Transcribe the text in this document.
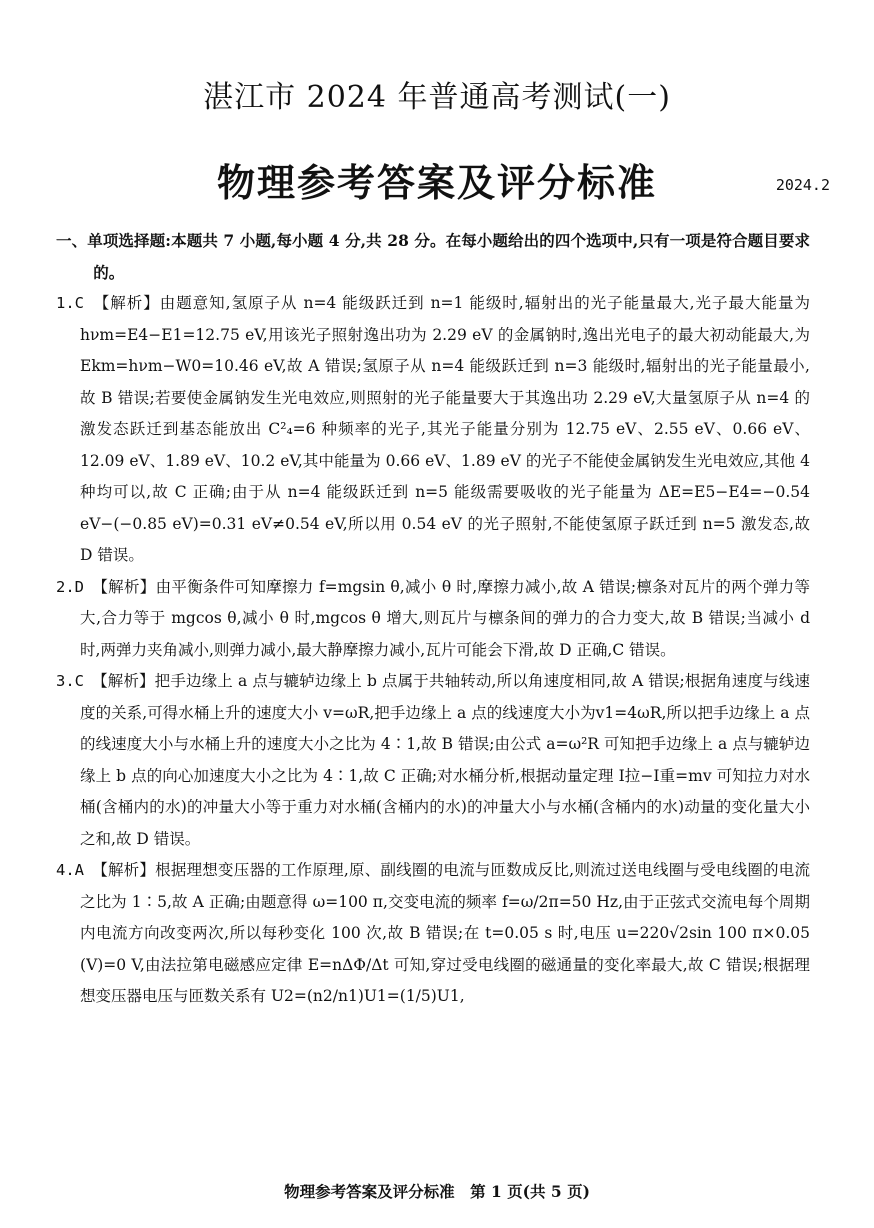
湛江市 2024 年普通高考测试(一)
物理参考答案及评分标准	2024.2

一、单项选择题:本题共 7 小题,每小题 4 分,共 28 分。在每小题给出的四个选项中,只有一项是符合题目要求的。

1.C　 【解析】由题意知,氢原子从 n=4 能级跃迁到 n=1 能级时,辐射出的光子能量最大,光子最大能量为 hνm=E4−E1=12.75 eV,用该光子照射逸出功为 2.29 eV 的金属钠时,逸出光电子的最大初动能最大,为 Ekm=hνm−W0=10.46 eV,故 A 错误;氢原子从 n=4 能级跃迁到 n=3 能级时,辐射出的光子能量最小,故 B 错误;若要使金属钠发生光电效应,则照射的光子能量要大于其逸出功 2.29 eV,大量氢原子从 n=4 的激发态跃迁到基态能放出 C²₄=6 种频率的光子,其光子能量分别为 12.75 eV、2.55 eV、0.66 eV、12.09 eV、1.89 eV、10.2 eV,其中能量为 0.66 eV、1.89 eV 的光子不能使金属钠发生光电效应,其他 4 种均可以,故 C 正确;由于从 n=4 能级跃迁到 n=5 能级需要吸收的光子能量为 ΔE=E5−E4=−0.54 eV−(−0.85 eV)=0.31 eV≠0.54 eV,所以用 0.54 eV 的光子照射,不能使氢原子跃迁到 n=5 激发态,故 D 错误。

2.D　 【解析】由平衡条件可知摩擦力 f=mgsin θ,减小 θ 时,摩擦力减小,故 A 错误;檩条对瓦片的两个弹力等大,合力等于 mgcos θ,减小 θ 时,mgcos θ 增大,则瓦片与檩条间的弹力的合力变大,故 B 错误;当减小 d 时,两弹力夹角减小,则弹力减小,最大静摩擦力减小,瓦片可能会下滑,故 D 正确,C 错误。

3.C　 【解析】把手边缘上 a 点与辘轳边缘上 b 点属于共轴转动,所以角速度相同,故 A 错误;根据角速度与线速度的关系,可得水桶上升的速度大小 v=ωR,把手边缘上 a 点的线速度大小为v1=4ωR,所以把手边缘上 a 点的线速度大小与水桶上升的速度大小之比为 4∶1,故 B 错误;由公式 a=ω²R 可知把手边缘上 a 点与辘轳边缘上 b 点的向心加速度大小之比为 4∶1,故 C 正确;对水桶分析,根据动量定理 I拉−I重=mv 可知拉力对水桶(含桶内的水)的冲量大小等于重力对水桶(含桶内的水)的冲量大小与水桶(含桶内的水)动量的变化量大小之和,故 D 错误。

4.A　 【解析】根据理想变压器的工作原理,原、副线圈的电流与匝数成反比,则流过送电线圈与受电线圈的电流之比为 1∶5,故 A 正确;由题意得 ω=100 π,交变电流的频率 f=ω/2π=50 Hz,由于正弦式交流电每个周期内电流方向改变两次,所以每秒变化 100 次,故 B 错误;在 t=0.05 s 时,电压 u=220√2sin 100 π×0.05 (V)=0 V,由法拉第电磁感应定律 E=nΔΦ/Δt 可知,穿过受电线圈的磁通量的变化率最大,故 C 错误;根据理想变压器电压与匝数关系有 U2=(n2/n1)U1=(1/5)U1,

物理参考答案及评分标准　第 1 页(共 5 页)
